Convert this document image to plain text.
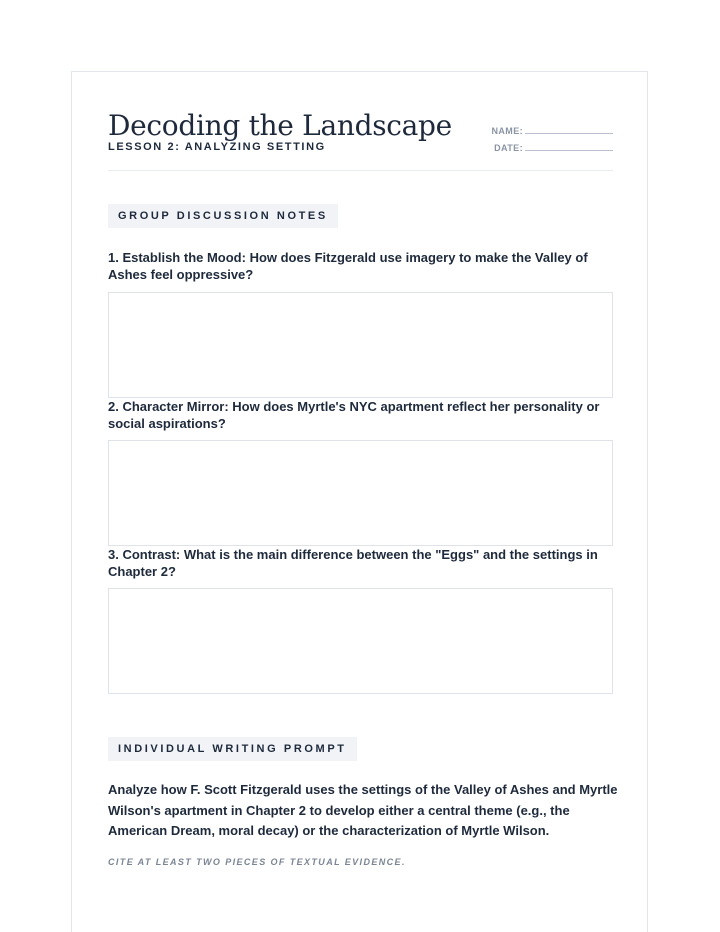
Decoding the Landscape
LESSON 2: ANALYZING SETTING
NAME:
DATE:
GROUP DISCUSSION NOTES

1. Establish the Mood: How does Fitzgerald use imagery to make the Valley of Ashes feel oppressive?

2. Character Mirror: How does Myrtle's NYC apartment reflect her personality or social aspirations?

3. Contrast: What is the main difference between the "Eggs" and the settings in Chapter 2?

INDIVIDUAL WRITING PROMPT

Analyze how F. Scott Fitzgerald uses the settings of the Valley of Ashes and Myrtle Wilson's apartment in Chapter 2 to develop either a central theme (e.g., the American Dream, moral decay) or the characterization of Myrtle Wilson.

CITE AT LEAST TWO PIECES OF TEXTUAL EVIDENCE.
